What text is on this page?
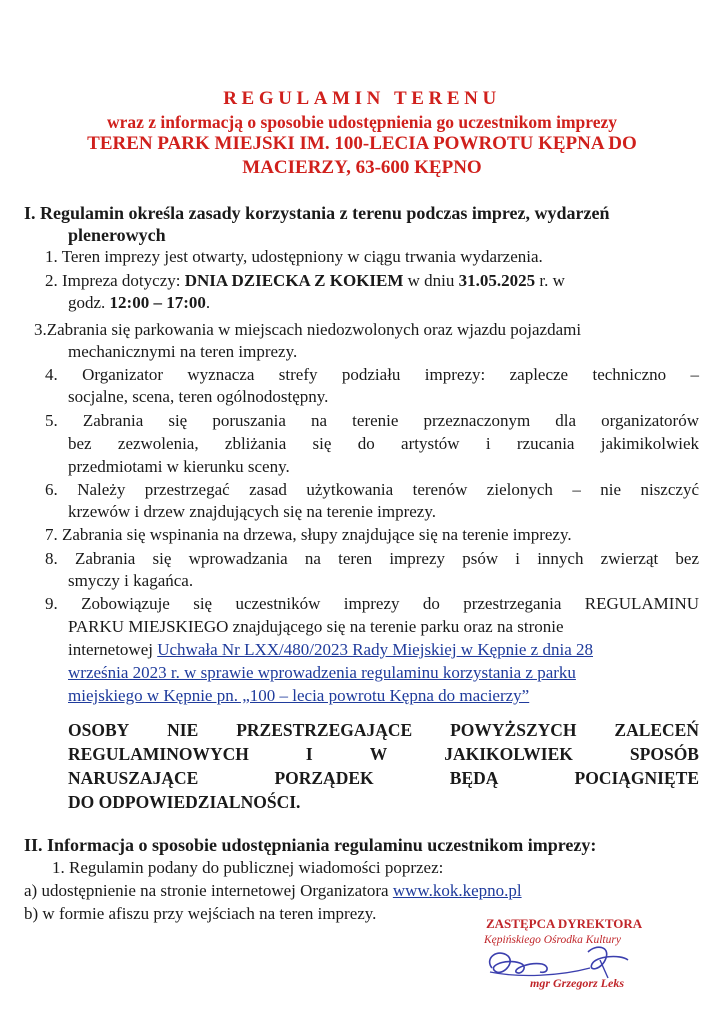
REGULAMIN TERENU
wraz z informacją o sposobie udostępnienia go uczestnikom imprezy
TEREN PARK MIEJSKI IM. 100-LECIA POWROTU KĘPNA DO
MACIERZY, 63-600 KĘPNO
I. Regulamin określa zasady korzystania z terenu podczas imprez, wydarzeń
plenerowych
1. Teren imprezy jest otwarty, udostępniony w ciągu trwania wydarzenia.
2. Impreza dotyczy: DNIA DZIECKA Z KOKIEM w dniu 31.05.2025 r. w
godz. 12:00 – 17:00.
3.Zabrania się parkowania w miejscach niedozwolonych oraz wjazdu pojazdami
mechanicznymi na teren imprezy.
4. Organizator wyznacza strefy podziału imprezy: zaplecze techniczno –
socjalne, scena, teren ogólnodostępny.
5. Zabrania się poruszania na terenie przeznaczonym dla organizatorów
bez zezwolenia, zbliżania się do artystów i rzucania jakimikolwiek
przedmiotami w kierunku sceny.
6. Należy przestrzegać zasad użytkowania terenów zielonych – nie niszczyć
krzewów i drzew znajdujących się na terenie imprezy.
7. Zabrania się wspinania na drzewa, słupy znajdujące się na terenie imprezy.
8. Zabrania się wprowadzania na teren imprezy psów i innych zwierząt bez
smyczy i kagańca.
9. Zobowiązuje się uczestników imprezy do przestrzegania REGULAMINU
PARKU MIEJSKIEGO znajdującego się na terenie parku oraz na stronie
internetowej Uchwała Nr LXX/480/2023 Rady Miejskiej w Kępnie z dnia 28
września 2023 r. w sprawie wprowadzenia regulaminu korzystania z parku
miejskiego w Kępnie pn. „100 – lecia powrotu Kępna do macierzy”
OSOBY NIE PRZESTRZEGAJĄCE POWYŻSZYCH ZALECEŃ
REGULAMINOWYCH	I	W	JAKIKOLWIEK	SPOSÓB
NARUSZAJĄCE	PORZĄDEK	BĘDĄ	POCIĄGNIĘTE
DO ODPOWIEDZIALNOŚCI.
II. Informacja o sposobie udostępniania regulaminu uczestnikom imprezy:
1. Regulamin podany do publicznej wiadomości poprzez:
a) udostępnienie na stronie internetowej Organizatora www.kok.kepno.pl
b) w formie afiszu przy wejściach na teren imprezy.
ZASTĘPCA DYREKTORA
Kępińskiego Ośrodka Kultury
mgr Grzegorz Leks
